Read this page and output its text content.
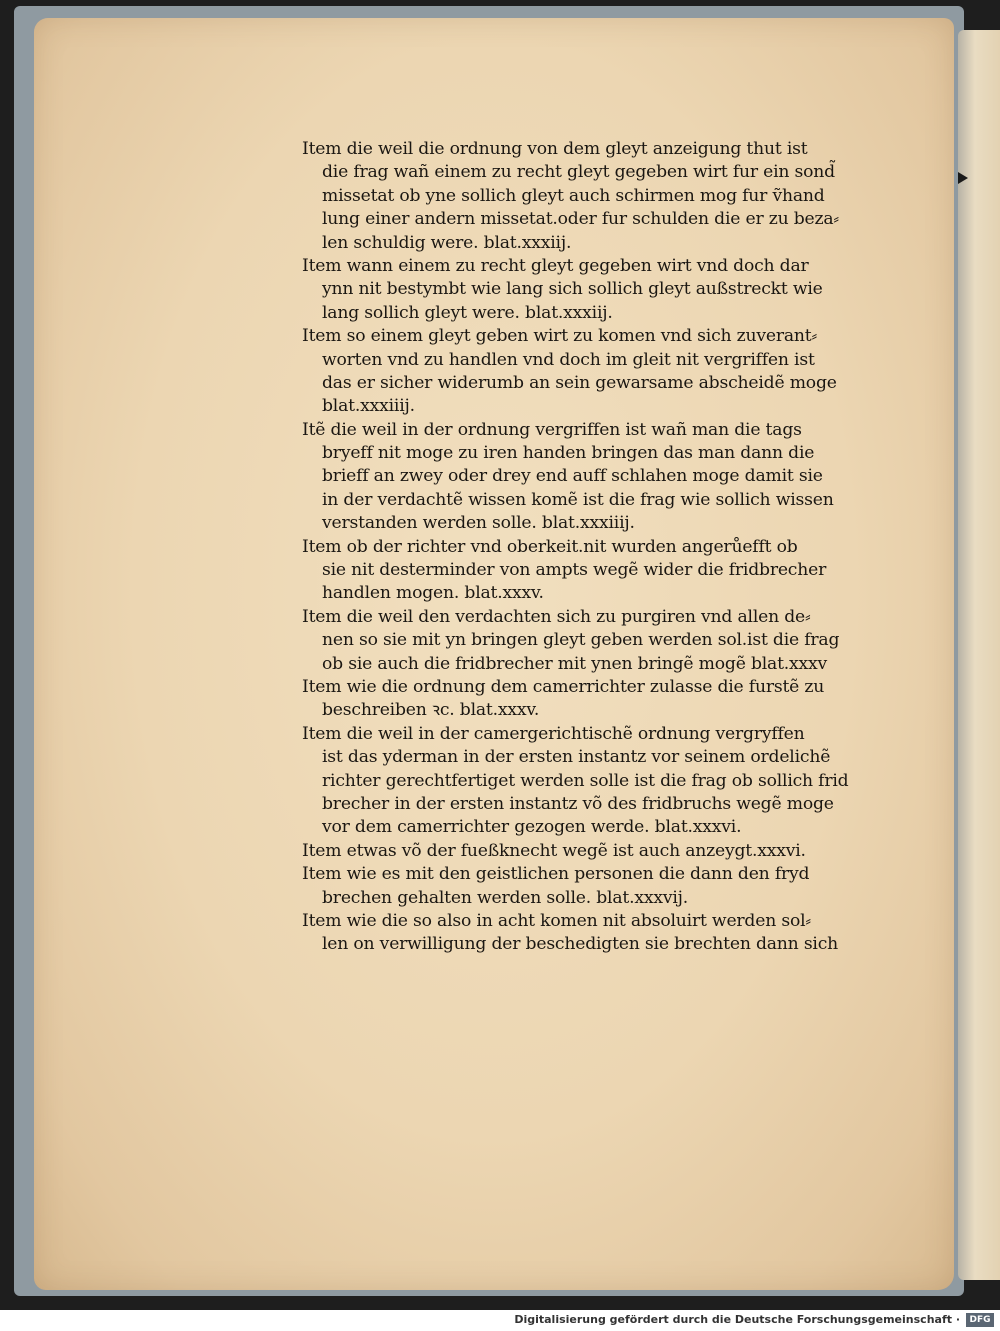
Item die weil die ordnung von dem gleyt anzeigung thut ist
die frag wañ einem zu recht gleyt gegeben wirt fur ein sond̃
missetat ob yne sollich gleyt auch schirmen mog fur ṽhand
lung einer andern missetat.oder fur schulden die er zu beza⸗
len schuldig were. blat.xxxiij.
Item wann einem zu recht gleyt gegeben wirt vnd doch dar
ynn nit bestymbt wie lang sich sollich gleyt außstreckt wie
lang sollich gleyt were. blat.xxxiij.
Item so einem gleyt geben wirt zu komen vnd sich zuverant⸗
worten vnd zu handlen vnd doch im gleit nit vergriffen ist
das er sicher widerumb an sein gewarsame abscheidẽ moge
blat.xxxiiij.
Itẽ die weil in der ordnung vergriffen ist wañ man die tags
bryeff nit moge zu iren handen bringen das man dann die
brieff an zwey oder drey end auff schlahen moge damit sie
in der verdachtẽ wissen komẽ ist die frag wie sollich wissen
verstanden werden solle. blat.xxxiiij.
Item ob der richter vnd oberkeit.nit wurden angerůefft ob
sie nit desterminder von ampts wegẽ wider die fridbrecher
handlen mogen. blat.xxxv.
Item die weil den verdachten sich zu purgiren vnd allen de⸗
nen so sie mit yn bringen gleyt geben werden sol.ist die frag
ob sie auch die fridbrecher mit ynen bringẽ mogẽ blat.xxxv
Item wie die ordnung dem camerrichter zulasse die furstẽ zu
beschreiben ꝛc. blat.xxxv.
Item die weil in der camergerichtischẽ ordnung vergryffen
ist das yderman in der ersten instantz vor seinem ordelichẽ
richter gerechtfertiget werden solle ist die frag ob sollich frid
brecher in der ersten instantz võ des fridbruchs wegẽ moge
vor dem camerrichter gezogen werde. blat.xxxvi.
Item etwas võ der fueßknecht wegẽ ist auch anzeygt.xxxvi.
Item wie es mit den geistlichen personen die dann den fryd
brechen gehalten werden solle. blat.xxxvij.
Item wie die so also in acht komen nit absoluirt werden sol⸗
len on verwilligung der beschedigten sie brechten dann sich
Digitalisierung gefördert durch die Deutsche Forschungsgemeinschaft ·	DFG
